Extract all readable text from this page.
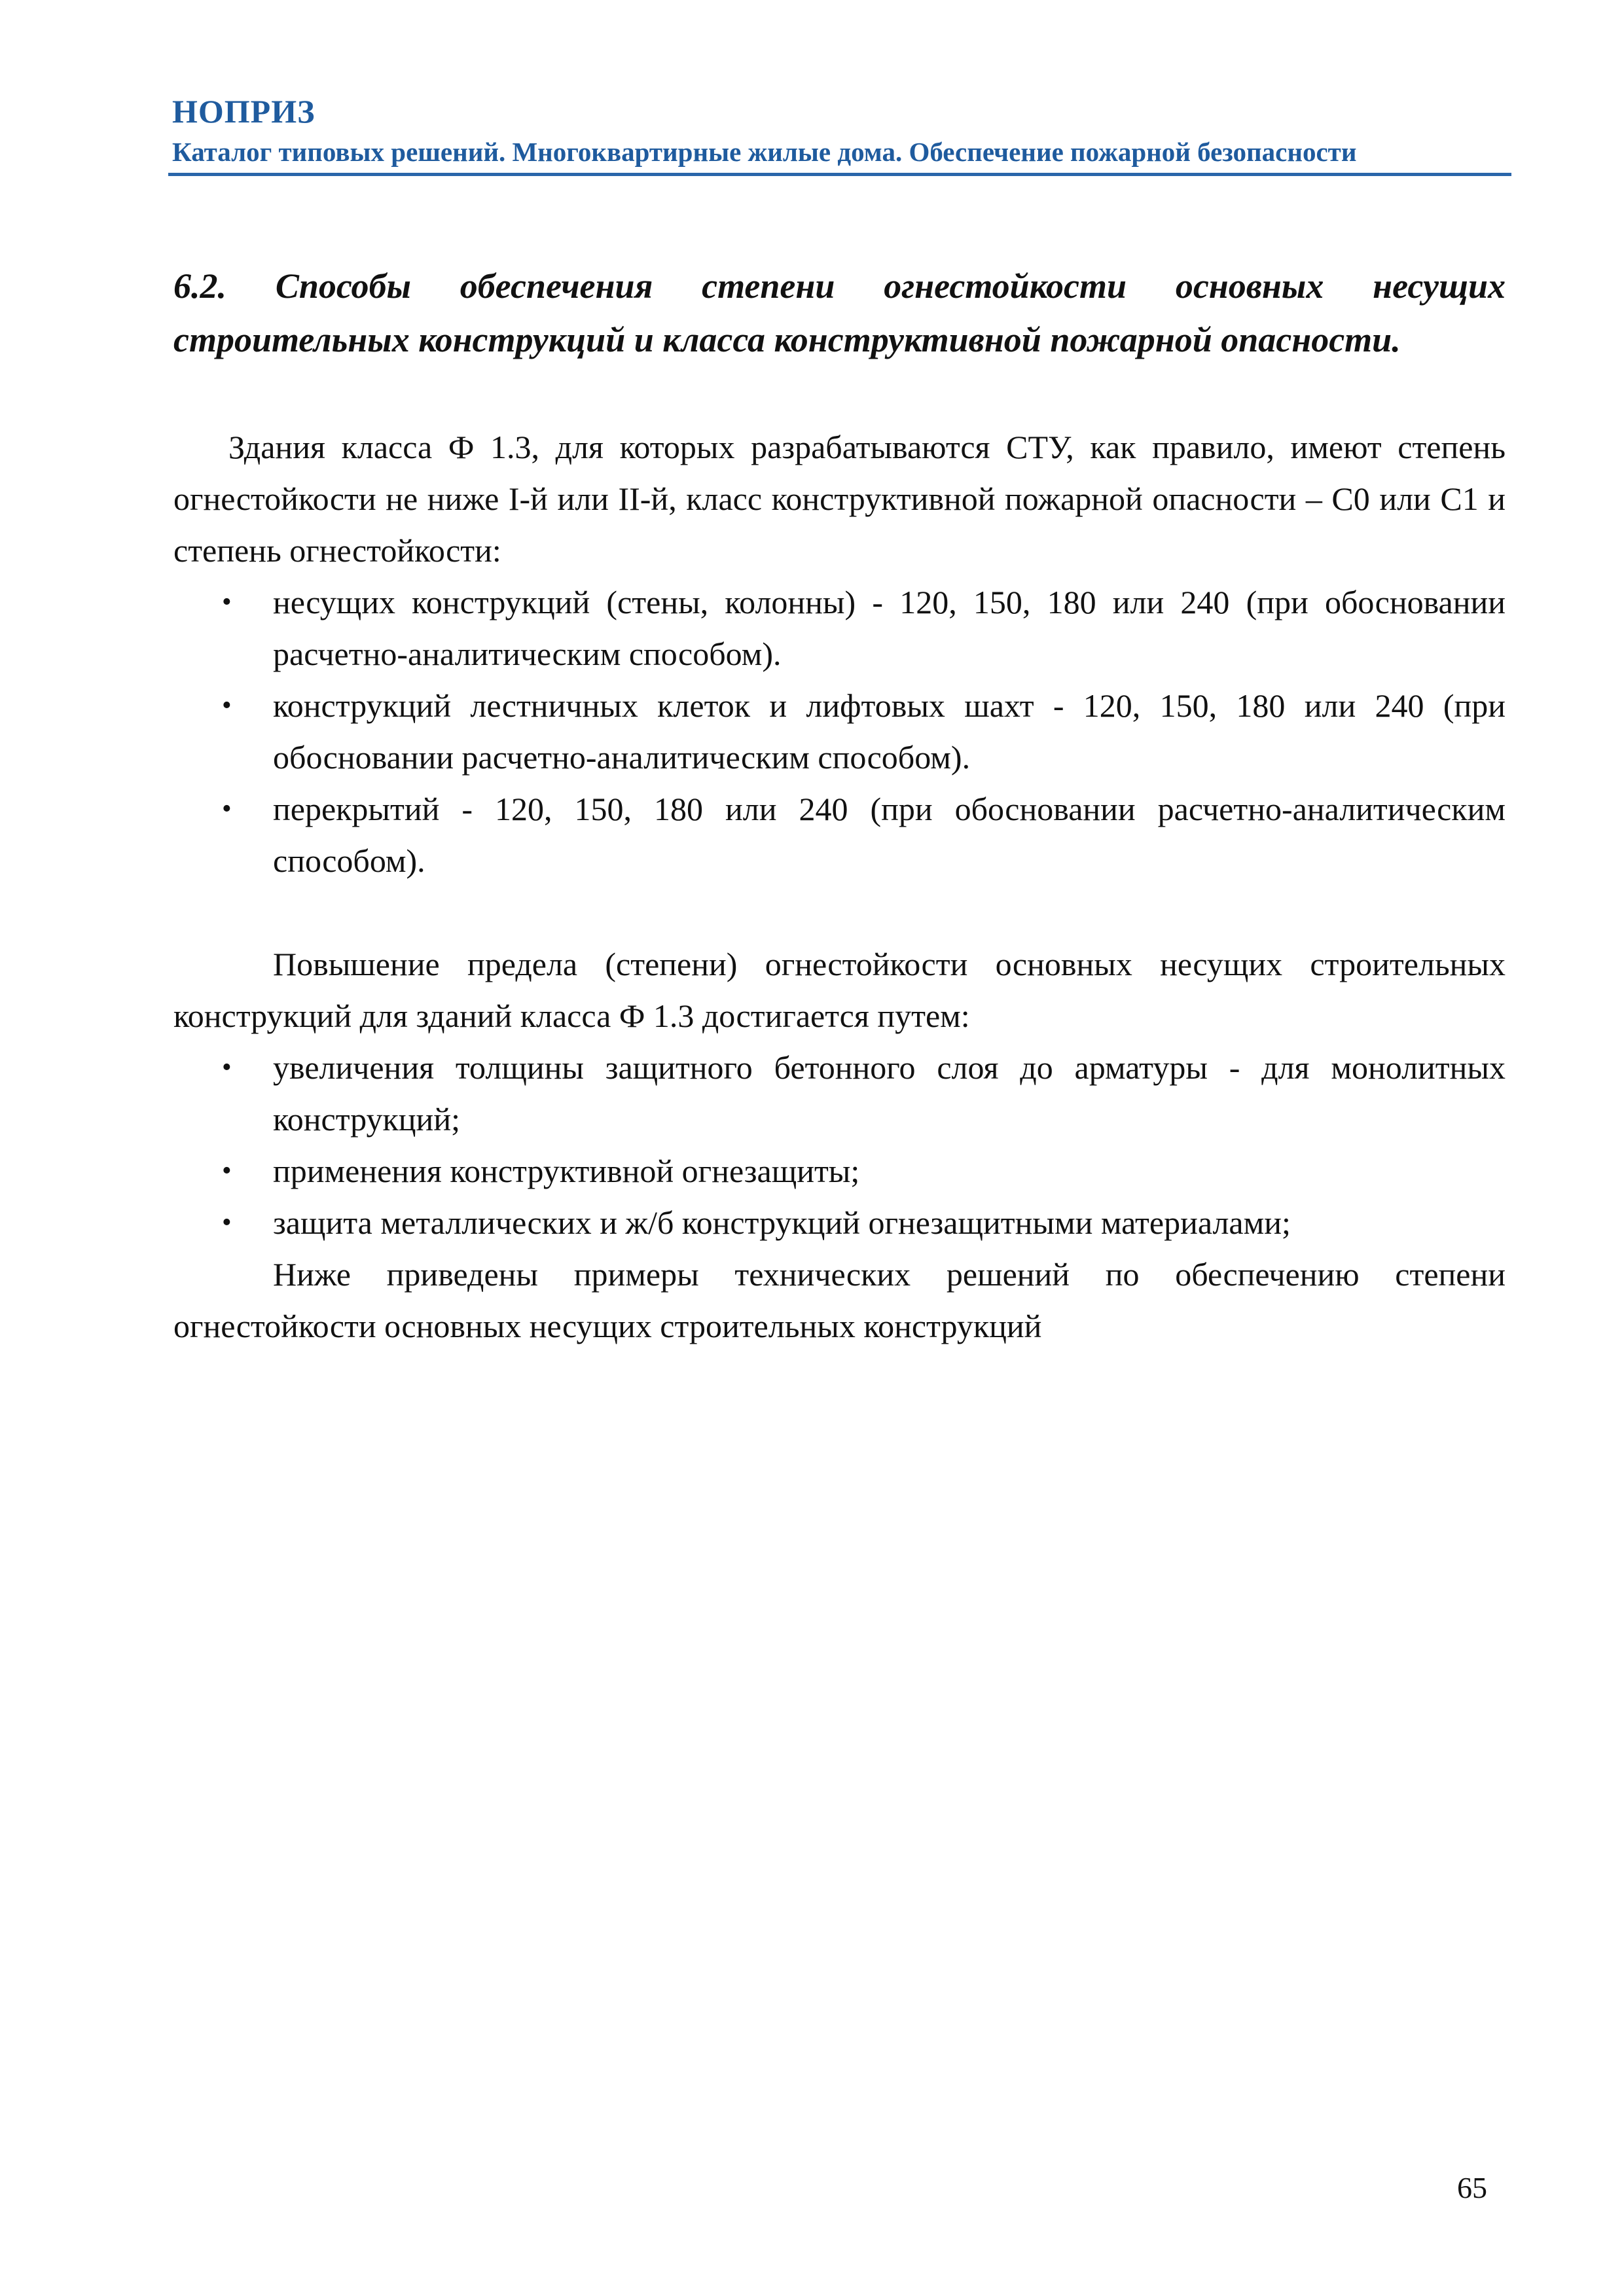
НОПРИЗ
Каталог типовых решений. Многоквартирные жилые дома. Обеспечение пожарной безопасности

6.2. Способы обеспечения степени огнестойкости основных несущих строительных конструкций и класса конструктивной пожарной опасности.

Здания класса Ф 1.3, для которых разрабатываются СТУ, как правило, имеют степень огнестойкости не ниже I-й или II-й, класс конструктивной пожарной опасности – С0 или С1 и степень огнестойкости:

• несущих конструкций (стены, колонны) - 120, 150, 180 или 240 (при обосновании расчетно-аналитическим способом).
• конструкций лестничных клеток и лифтовых шахт - 120, 150, 180 или 240 (при обосновании расчетно-аналитическим способом).
• перекрытий - 120, 150, 180 или 240 (при обосновании расчетно-аналитическим способом).

Повышение предела (степени) огнестойкости основных несущих строительных конструкций для зданий класса Ф 1.3 достигается путем:

• увеличения толщины защитного бетонного слоя до арматуры - для монолитных конструкций;
• применения конструктивной огнезащиты;
• защита металлических и ж/б конструкций огнезащитными материалами;

Ниже приведены примеры технических решений по обеспечению степени огнестойкости основных несущих строительных конструкций

65
